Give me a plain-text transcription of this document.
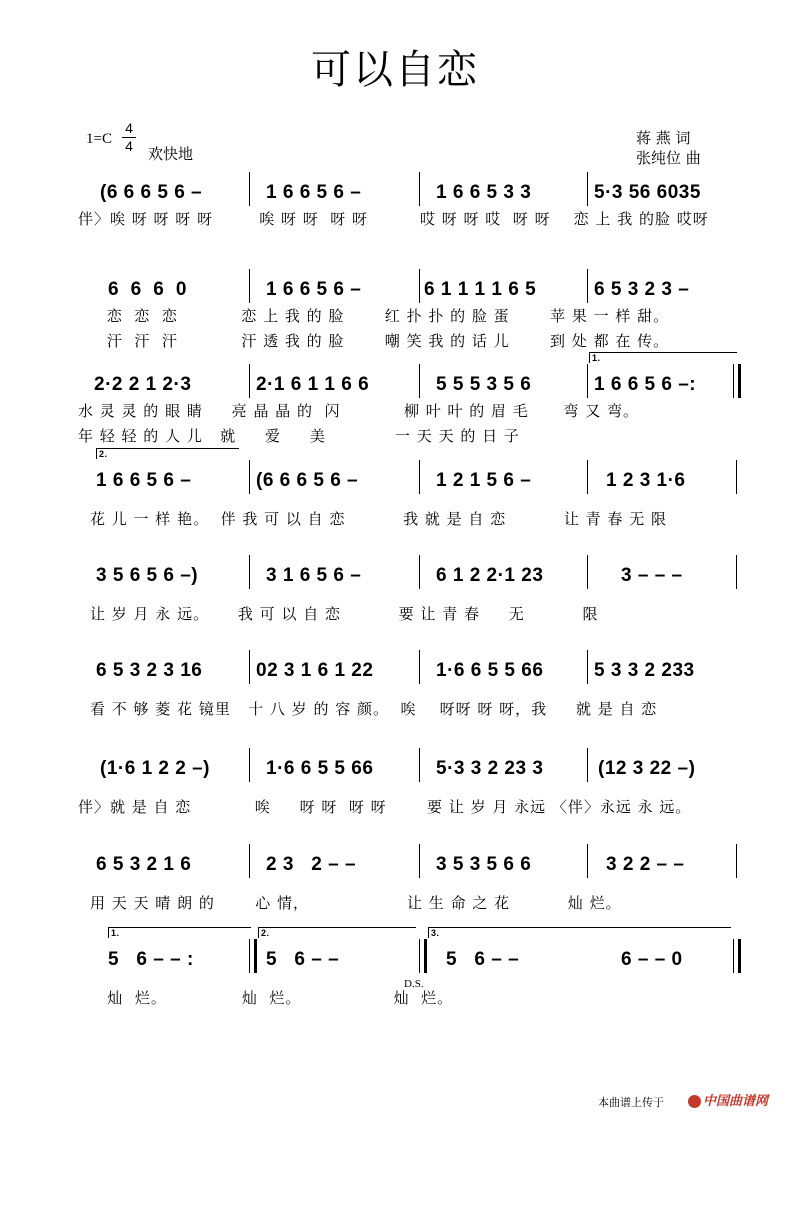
可以自恋
1=C
4
4 欢快地
蒋 燕 词
张纯位 曲

(6 6 6 5 6 –

	1 6 6 5 6 –

	1 6 6 5 3 3

	5·3 56 6035

伴〉唉 呀 呀 呀 呀        唉 呀 呀  呀 呀         哎 呀 呀 哎  呀 呀    恋 上 我 的脸 哎呀

6  6  6  0

	1 6 6 5 6 –

	6 1 1 1 1 6 5

	6 5 3 2 3 –

恋  恋  恋           恋 上 我 的 脸       红 扑 扑 的 脸 蛋       苹 果 一 样 甜。
汗  汗  汗           汗 透 我 的 脸       嘲 笑 我 的 话 儿       到 处 都 在 传。

2·2 2 1 2·3

	2·1 6 1 1 6 6

	5 5 5 3 5 6

1.

1 6 6 5 6 –:

水 灵 灵 的 眼 睛     亮 晶 晶 的  闪           柳 叶 叶 的 眉 毛      弯 又 弯。
年 轻 轻 的 人 儿   就     爱     美            一 天 天 的 日 子

2.

1 6 6 5 6 –

	(6 6 6 5 6 –

	1 2 1 5 6 –

	1 2 3 1·6

花 儿 一 样 艳。  伴 我 可 以 自 恋          我 就 是 自 恋          让 青 春 无 限

3 5 6 5 6 –)

	3 1 6 5 6 –

	6 1 2 2·1 23

	3 – – –

让 岁 月 永 远。     我 可 以 自 恋          要 让 青 春     无          限

6 5 3 2 3 16

	02 3 1 6 1 22

	1·6 6 5 5 66

	5 3 3 2 233

看 不 够 菱 花 镜里   十 八 岁 的 容 颜。  唉    呀呀 呀 呀，我     就 是 自 恋

(1·6 1 2 2 –)

	1·6 6 5 5 66

	5·3 3 2 23 3

	(12 3 22 –)

伴〉就 是 自 恋           唉     呀 呀  呀 呀       要 让 岁 月 永远 〈伴〉永远 永 远。

6 5 3 2 1 6

	2 3   2 – –

	3 5 3 5 6 6

	3 2 2 – –

用 天 天 晴 朗 的       心 情，                 让 生 命 之 花          灿 烂。

1.

5   6 – – :

2.

5   6 – –

3.

5   6 – –

	6 – – 0

灿  烂。             灿  烂。                灿  烂。
D.S.
本曲谱上传于	中国曲谱网
